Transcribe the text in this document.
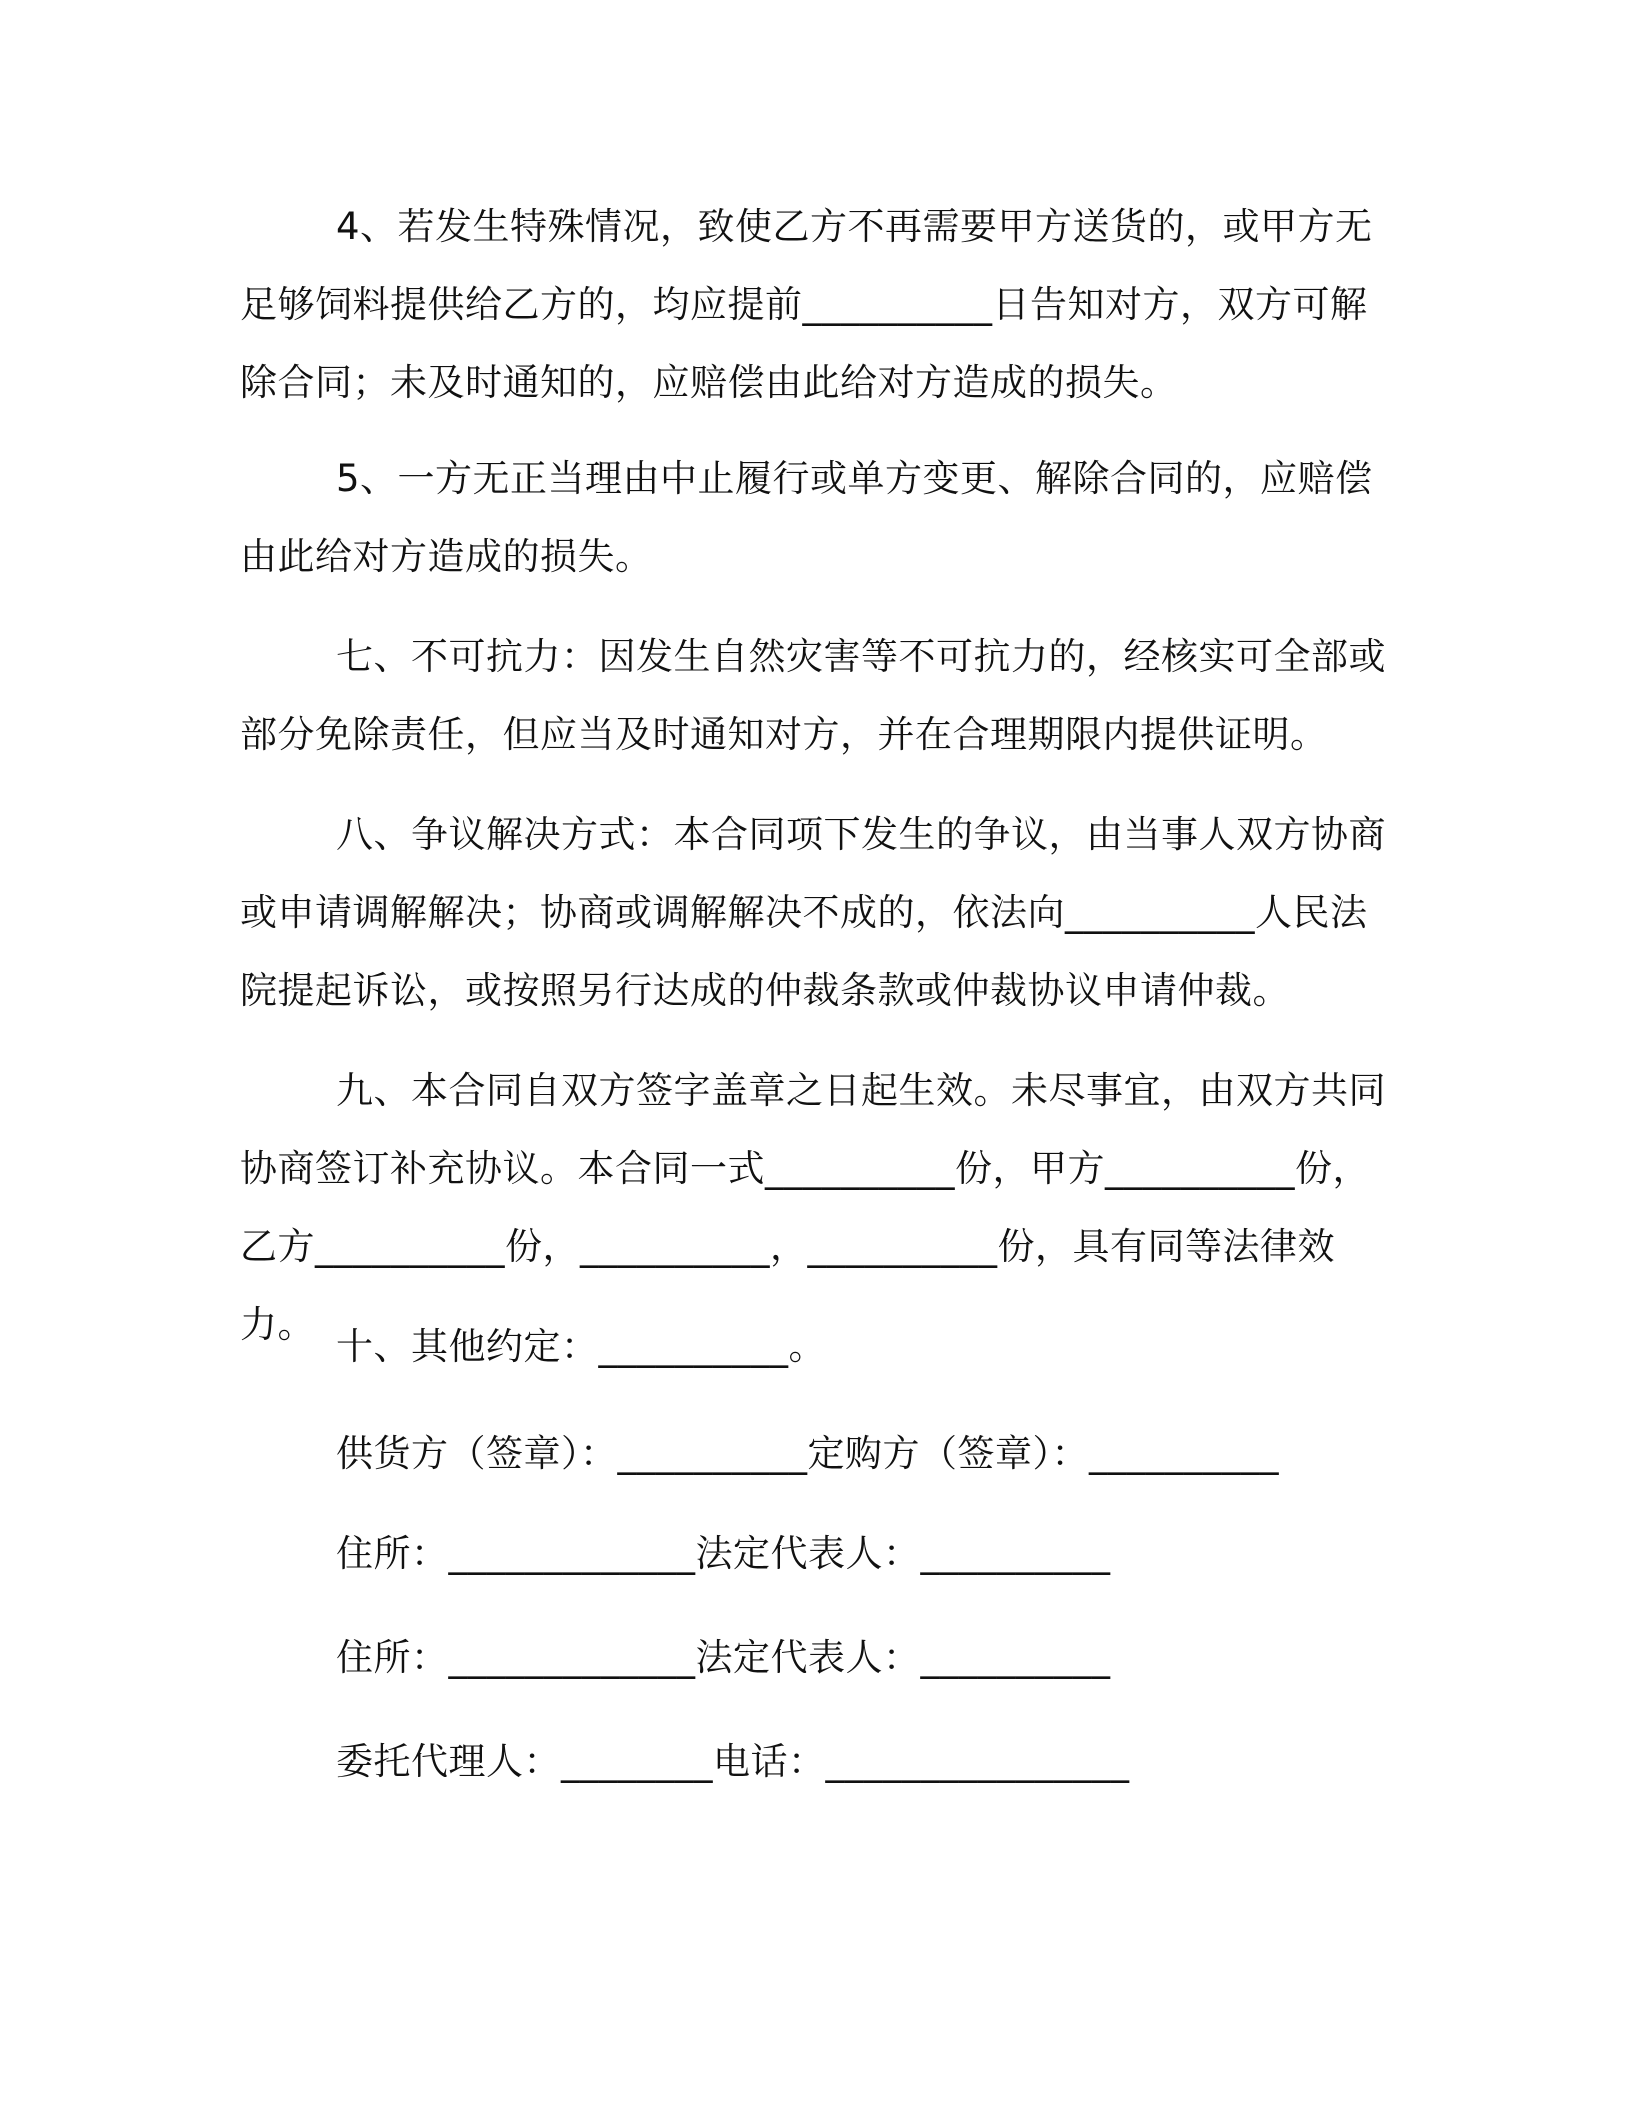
4、若发生特殊情况，致使乙方不再需要甲方送货的，或甲方无足够饲料提供给乙方的，均应提前__________日告知对方，双方可解除合同；未及时通知的，应赔偿由此给对方造成的损失。

5、一方无正当理由中止履行或单方变更、解除合同的，应赔偿由此给对方造成的损失。

七、不可抗力：因发生自然灾害等不可抗力的，经核实可全部或部分免除责任，但应当及时通知对方，并在合理期限内提供证明。

八、争议解决方式：本合同项下发生的争议，由当事人双方协商或申请调解解决；协商或调解解决不成的，依法向__________人民法院提起诉讼，或按照另行达成的仲裁条款或仲裁协议申请仲裁。

九、本合同自双方签字盖章之日起生效。未尽事宜，由双方共同协商签订补充协议。本合同一式__________份，甲方__________份，乙方__________份，__________，__________份，具有同等法律效力。

十、其他约定：__________。

供货方（签章）：__________定购方（签章）：__________

住所：_____________法定代表人：__________

住所：_____________法定代表人：__________

委托代理人：________电话：________________
